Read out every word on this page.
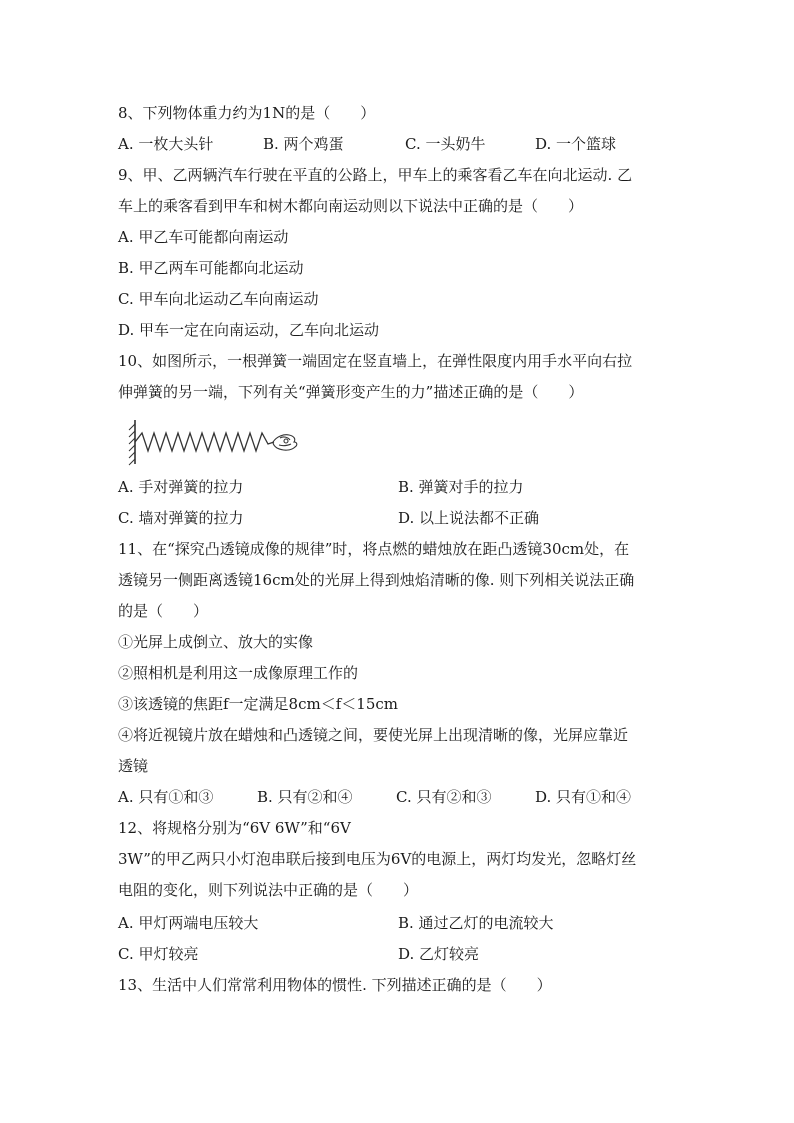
8、下列物体重力约为1N的是（　　）
A. 一枚大头针	B. 两个鸡蛋	C. 一头奶牛	D. 一个篮球
9、甲、乙两辆汽车行驶在平直的公路上，甲车上的乘客看乙车在向北运动. 乙
车上的乘客看到甲车和树木都向南运动则以下说法中正确的是（　　）
A. 甲乙车可能都向南运动
B. 甲乙两车可能都向北运动
C. 甲车向北运动乙车向南运动
D. 甲车一定在向南运动，乙车向北运动
10、如图所示，一根弹簧一端固定在竖直墙上，在弹性限度内用手水平向右拉
伸弹簧的另一端，下列有关“弹簧形变产生的力”描述正确的是（　　）
A. 手对弹簧的拉力	B. 弹簧对手的拉力
C. 墙对弹簧的拉力	D. 以上说法都不正确
11、在“探究凸透镜成像的规律”时，将点燃的蜡烛放在距凸透镜30cm处，在
透镜另一侧距离透镜16cm处的光屏上得到烛焰清晰的像. 则下列相关说法正确
的是（　　）
①光屏上成倒立、放大的实像
②照相机是利用这一成像原理工作的
③该透镜的焦距f一定满足8cm＜f＜15cm
④将近视镜片放在蜡烛和凸透镜之间，要使光屏上出现清晰的像，光屏应靠近
透镜
A. 只有①和③	B. 只有②和④	C. 只有②和③	D. 只有①和④
12、将规格分别为“6V 6W”和“6V
3W”的甲乙两只小灯泡串联后接到电压为6V的电源上，两灯均发光，忽略灯丝
电阻的变化，则下列说法中正确的是（　　）
A. 甲灯两端电压较大	B. 通过乙灯的电流较大
C. 甲灯较亮	D. 乙灯较亮
13、生活中人们常常利用物体的惯性. 下列描述正确的是（　　）
